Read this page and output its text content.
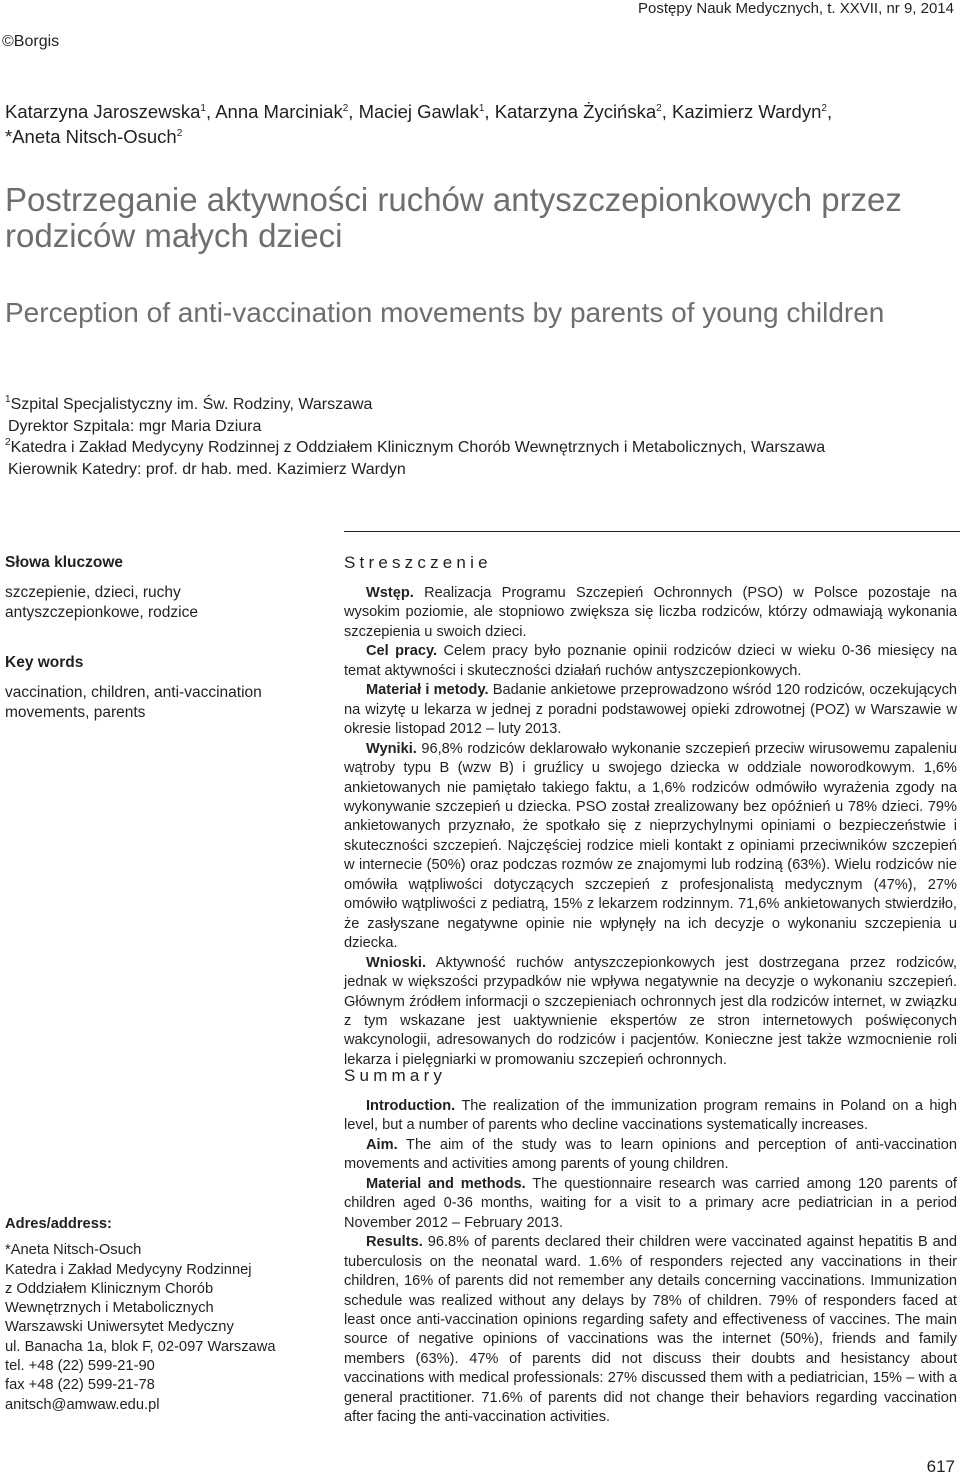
Postępy Nauk Medycznych, t. XXVII, nr 9, 2014
©Borgis
Katarzyna Jaroszewska$^1$, Anna Marciniak$^2$, Maciej Gawlak$^1$, Katarzyna Życińska$^2$, Kazimierz Wardyn$^2$,
*Aneta Nitsch-Osuch$^2$
Postrzeganie aktywności ruchów antyszczepionkowych przez rodziców małych dzieci
Perception of anti-vaccination movements by parents of young children
$^1$Szpital Specjalistyczny im. Św. Rodziny, Warszawa
Dyrektor Szpitala: mgr Maria Dziura
$^2$Katedra i Zakład Medycyny Rodzinnej z Oddziałem Klinicznym Chorób Wewnętrznych i Metabolicznych, Warszawa
Kierownik Katedry: prof. dr hab. med. Kazimierz Wardyn
Słowa kluczowe
szczepienie, dzieci, ruchy antyszczepionkowe, rodzice
Key words
vaccination, children, anti-vaccination movements, parents
Streszczenie

Wstęp. Realizacja Programu Szczepień Ochronnych (PSO) w Polsce pozostaje na wysokim poziomie, ale stopniowo zwiększa się liczba rodziców, którzy odmawiają wykonania szczepienia u swoich dzieci.

Cel pracy. Celem pracy było poznanie opinii rodziców dzieci w wieku 0-36 miesięcy na temat aktywności i skuteczności działań ruchów antyszczepionkowych.

Materiał i metody. Badanie ankietowe przeprowadzono wśród 120 rodziców, oczekujących na wizytę u lekarza w jednej z poradni podstawowej opieki zdrowotnej (POZ) w Warszawie w okresie listopad 2012 – luty 2013.

Wyniki. 96,8% rodziców deklarowało wykonanie szczepień przeciw wirusowemu zapaleniu wątroby typu B (wzw B) i gruźlicy u swojego dziecka w oddziale noworodkowym. 1,6% ankietowanych nie pamiętało takiego faktu, a 1,6% rodziców odmówiło wyrażenia zgody na wykonywanie szczepień u dziecka. PSO został zrealizowany bez opóźnień u 78% dzieci. 79% ankietowanych przyznało, że spotkało się z nieprzychylnymi opiniami o bezpieczeństwie i skuteczności szczepień. Najczęściej rodzice mieli kontakt z opiniami przeciwników szczepień w internecie (50%) oraz podczas rozmów ze znajomymi lub rodziną (63%). Wielu rodziców nie omówiła wątpliwości dotyczących szczepień z profesjonalistą medycznym (47%), 27% omówiło wątpliwości z pediatrą, 15% z lekarzem rodzinnym. 71,6% ankietowanych stwierdziło, że zasłyszane negatywne opinie nie wpłynęły na ich decyzje o wykonaniu szczepienia u dziecka.

Wnioski. Aktywność ruchów antyszczepionkowych jest dostrzegana przez rodziców, jednak w większości przypadków nie wpływa negatywnie na decyzje o wykonaniu szczepień. Głównym źródłem informacji o szczepieniach ochronnych jest dla rodziców internet, w związku z tym wskazane jest uaktywnienie ekspertów ze stron internetowych poświęconych wakcynologii, adresowanych do rodziców i pacjentów. Konieczne jest także wzmocnienie roli lekarza i pielęgniarki w promowaniu szczepień ochronnych.

Summary

Introduction. The realization of the immunization program remains in Poland on a high level, but a number of parents who decline vaccinations systematically increases.

Aim. The aim of the study was to learn opinions and perception of anti-vaccination movements and activities among parents of young children.

Material and methods. The questionnaire research was carried among 120 parents of children aged 0-36 months, waiting for a visit to a primary acre pediatrician in a period November 2012 – February 2013.

Results. 96.8% of parents declared their children were vaccinated against hepatitis B and tuberculosis on the neonatal ward. 1.6% of responders rejected any vaccinations in their children, 16% of parents did not remember any details concerning vaccinations. Immunization schedule was realized without any delays by 78% of children. 79% of responders faced at least once anti-vaccination opinions regarding safety and effectiveness of vaccines. The main source of negative opinions of vaccinations was the internet (50%), friends and family members (63%). 47% of parents did not discuss their doubts and hesistancy about vaccinations with medical professionals: 27% discussed them with a pediatrician, 15% – with a general practitioner. 71.6% of parents did not change their behaviors regarding vaccination after facing the anti-vaccination activities.

Adres/address:
*Aneta Nitsch-Osuch
Katedra i Zakład Medycyny Rodzinnej
z Oddziałem Klinicznym Chorób
Wewnętrznych i Metabolicznych
Warszawski Uniwersytet Medyczny
ul. Banacha 1a, blok F, 02-097 Warszawa
tel. +48 (22) 599-21-90
fax +48 (22) 599-21-78
anitsch@amwaw.edu.pl
617
